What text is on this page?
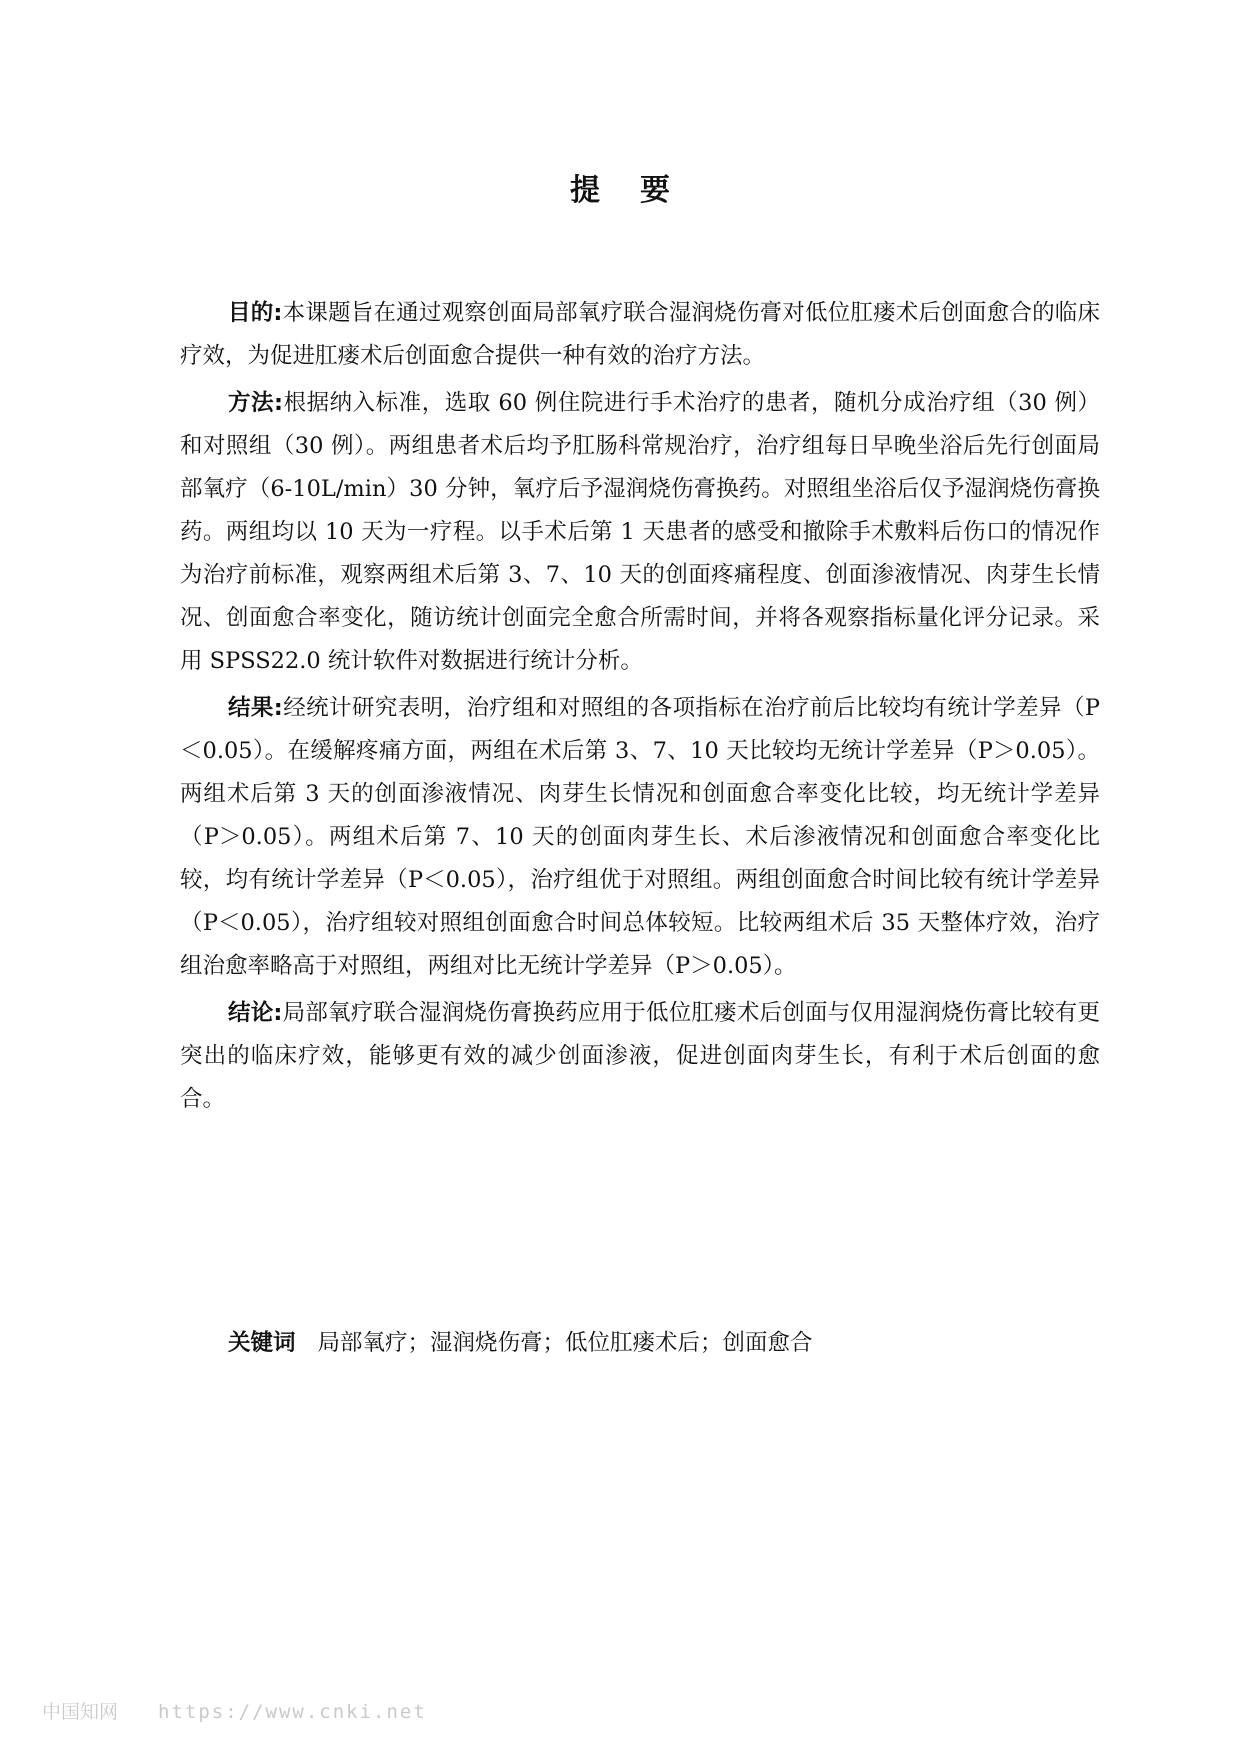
提要

目的:本课题旨在通过观察创面局部氧疗联合湿润烧伤膏对低位肛瘘术后创面愈合的临床疗效，为促进肛瘘术后创面愈合提供一种有效的治疗方法。

方法:根据纳入标准，选取 60 例住院进行手术治疗的患者，随机分成治疗组（30 例）和对照组（30 例）。两组患者术后均予肛肠科常规治疗，治疗组每日早晚坐浴后先行创面局部氧疗（6-10L/min）30 分钟，氧疗后予湿润烧伤膏换药。对照组坐浴后仅予湿润烧伤膏换药。两组均以 10 天为一疗程。以手术后第 1 天患者的感受和撤除手术敷料后伤口的情况作为治疗前标准，观察两组术后第 3、7、10 天的创面疼痛程度、创面渗液情况、肉芽生长情况、创面愈合率变化，随访统计创面完全愈合所需时间，并将各观察指标量化评分记录。采用 SPSS22.0 统计软件对数据进行统计分析。

结果:经统计研究表明，治疗组和对照组的各项指标在治疗前后比较均有统计学差异（P＜0.05）。在缓解疼痛方面，两组在术后第 3、7、10 天比较均无统计学差异（P＞0.05）。两组术后第 3 天的创面渗液情况、肉芽生长情况和创面愈合率变化比较，均无统计学差异（P＞0.05）。两组术后第 7、10 天的创面肉芽生长、术后渗液情况和创面愈合率变化比较，均有统计学差异（P＜0.05），治疗组优于对照组。两组创面愈合时间比较有统计学差异（P＜0.05），治疗组较对照组创面愈合时间总体较短。比较两组术后 35 天整体疗效，治疗组治愈率略高于对照组，两组对比无统计学差异（P＞0.05）。

结论:局部氧疗联合湿润烧伤膏换药应用于低位肛瘘术后创面与仅用湿润烧伤膏比较有更突出的临床疗效，能够更有效的减少创面渗液，促进创面肉芽生长，有利于术后创面的愈合。

关键词 局部氧疗；湿润烧伤膏；低位肛瘘术后；创面愈合
中国知网 https://www.cnki.net
